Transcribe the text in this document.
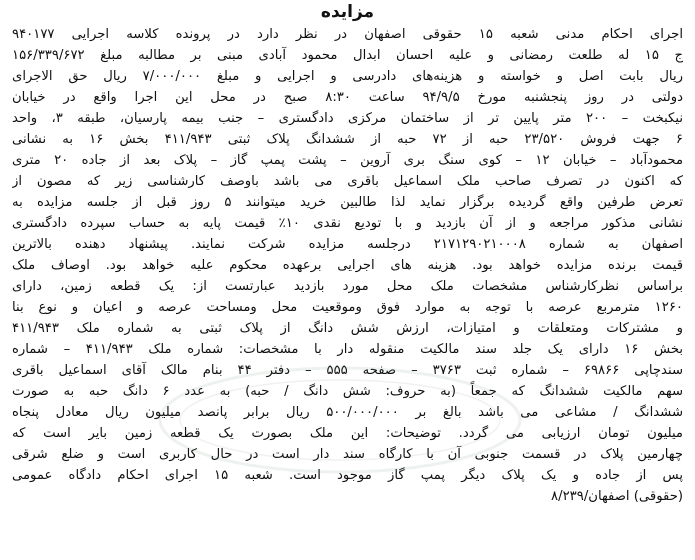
مزایده
اجرای احکام مدنی شعبه ۱۵ حقوقی اصفهان در نظر دارد در پرونده کلاسه اجرایی ۹۴۰۱۷۷
ج ۱۵ له طلعت رمضانی و علیه احسان ابدال محمود آبادی مبنی بر مطالبه مبلغ ۱۵۶/۳۳۹/۶۷۲
ریال بابت اصل و خواسته و هزینه‌های دادرسی و اجرایی و مبلغ ۷/۰۰۰/۰۰۰ ریال حق الاجرای
دولتی در روز پنجشنبه مورخ ۹۴/۹/۵ ساعت ۸:۳۰ صبح در محل این اجرا واقع در خیابان
نیکبخت – ۲۰۰ متر پایین تر از ساختمان مرکزی دادگستری – جنب بیمه پارسیان، طبقه ۳، واحد
۶ جهت فروش ۲۳/۵۲۰ حبه از ۷۲ حبه از ششدانگ پلاک ثبتی ۴۱۱/۹۴۳ بخش ۱۶ به نشانی
محمودآباد – خیابان ۱۲ – کوی سنگ بری آروین – پشت پمپ گاز – پلاک بعد از جاده ۲۰ متری
که اکنون در تصرف صاحب ملک اسماعیل باقری می باشد باوصف کارشناسی زیر که مصون از
تعرض طرفین واقع گردیده برگزار نماید لذا طالبین خرید میتوانند ۵ روز قبل از جلسه مزایده به
نشانی مذکور مراجعه و از آن بازدید و با تودیع نقدی ۱۰٪ قیمت پایه به حساب سپرده دادگستری
اصفهان به شماره ۲۱۷۱۲۹۰۲۱۰۰۰۸ درجلسه مزایده شرکت نمایند. پیشنهاد دهنده بالاترین
قیمت برنده مزایده خواهد بود. هزینه های اجرایی برعهده محکوم علیه خواهد بود. اوصاف ملک
براساس نظرکارشناس مشخصات ملک محل مورد بازدید عبارتست از: یک قطعه زمین، دارای
۱۲۶۰ مترمربع عرصه با توجه به موارد فوق وموقعیت محل ومساحت عرصه و اعیان و نوع بنا
و مشترکات ومتعلقات و امتیازات، ارزش شش دانگ از پلاک ثبتی به شماره ملک ۴۱۱/۹۴۳
بخش ۱۶ دارای یک جلد سند مالکیت منقوله دار با مشخصات: شماره ملک ۴۱۱/۹۴۳ – شماره
سندچاپی ۶۹۸۶۶ – شماره ثبت ۳۷۶۳ – صفحه ۵۵۵ – دفتر ۴۴ بنام مالک آقای اسماعیل باقری
سهم مالکیت ششدانگ که جمعاً (به حروف: شش دانگ / حبه) به عدد ۶ دانگ حبه به صورت
ششدانگ / مشاعی می باشد بالغ بر ۵۰۰/۰۰۰/۰۰۰ ریال برابر پانصد میلیون ریال معادل پنجاه
میلیون تومان ارزیابی می گردد. توضیحات: این ملک بصورت یک قطعه زمین بایر است که
چهارمین پلاک در قسمت جنوبی آن با کارگاه سند دار است در حال کاربری است و ضلع شرقی
پس از جاده و یک پلاک دیگر پمپ گاز موجود است. شعبه ۱۵ اجرای احکام دادگاه عمومی
(حقوقی) اصفهان/۸/۲۳۹
